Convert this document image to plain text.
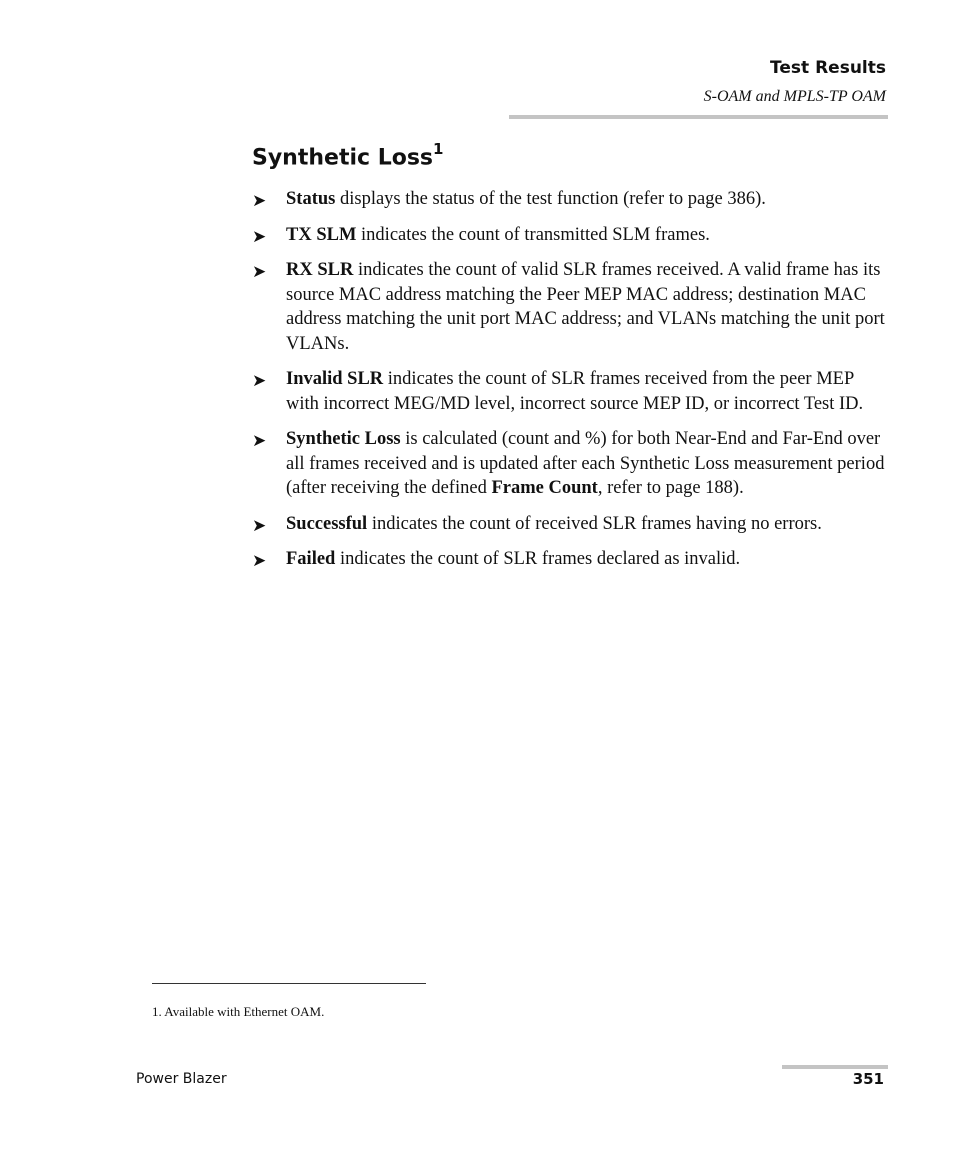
Test Results
S-OAM and MPLS-TP OAM
Synthetic Loss$^1$
➤ Status displays the status of the test function (refer to page 386).
➤ TX SLM indicates the count of transmitted SLM frames.
➤ RX SLR indicates the count of valid SLR frames received. A valid frame has its source MAC address matching the Peer MEP MAC address; destination MAC address matching the unit port MAC address; and VLANs matching the unit port VLANs.
➤ Invalid SLR indicates the count of SLR frames received from the peer MEP with incorrect MEG/MD level, incorrect source MEP ID, or incorrect Test ID.
➤ Synthetic Loss is calculated (count and %) for both Near-End and Far-End over all frames received and is updated after each Synthetic Loss measurement period (after receiving the defined Frame Count, refer to page 188).
➤ Successful indicates the count of received SLR frames having no errors.
➤ Failed indicates the count of SLR frames declared as invalid.
1. Available with Ethernet OAM.
Power Blazer	351
